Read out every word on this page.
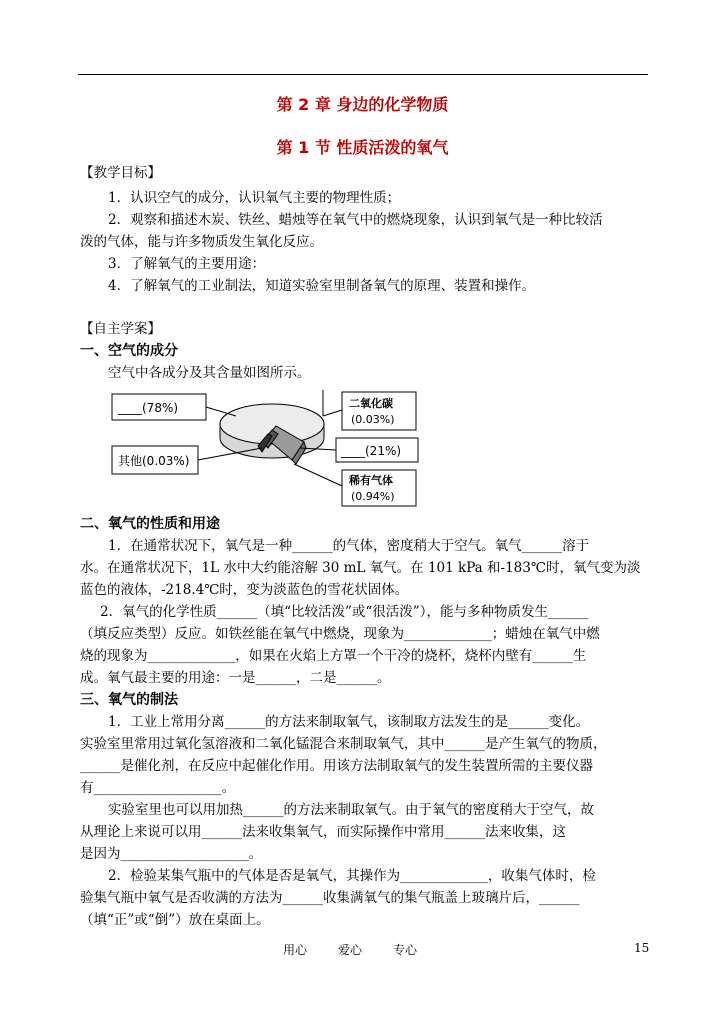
第 2 章 身边的化学物质
第 1 节 性质活泼的氧气
【教学目标】
1．认识空气的成分，认识氧气主要的物理性质；
2．观察和描述木炭、铁丝、蜡烛等在氧气中的燃烧现象，认识到氧气是一种比较活
泼的气体，能与许多物质发生氧化反应。
3．了解氧气的主要用途：
4．了解氧气的工业制法，知道实验室里制备氧气的原理、装置和操作。
【自主学案】
一、空气的成分
空气中各成分及其含量如图所示。
____(78%)	二氧化碳
(0.03%)
____(21%)
其他(0.03%)
稀有气体
(0.94%)
二、氧气的性质和用途
1．在通常状况下，氧气是一种______的气体，密度稍大于空气。氧气______溶于
水。在通常状况下，1L 水中大约能溶解 30 mL 氧气。在 101 kPa 和-183℃时，氧气变为淡
蓝色的液体，-218.4℃时，变为淡蓝色的雪花状固体。
2．氧气的化学性质______（填“比较活泼”或“很活泼”），能与多种物质发生______
（填反应类型）反应。如铁丝能在氧气中燃烧，现象为_____________；蜡烛在氧气中燃
烧的现象为_____________，如果在火焰上方罩一个干冷的烧杯，烧杯内壁有______生
成。氧气最主要的用途：一是______，二是______。
三、氧气的制法
1．工业上常用分离______的方法来制取氧气，该制取方法发生的是______变化。
实验室里常用过氧化氢溶液和二氧化锰混合来制取氧气，其中______是产生氧气的物质，
______是催化剂，在反应中起催化作用。用该方法制取氧气的发生装置所需的主要仪器
有___________________。
实验室里也可以用加热______的方法来制取氧气。由于氧气的密度稍大于空气，故
从理论上来说可以用______法来收集氧气，而实际操作中常用______法来收集，这
是因为___________________。
2．检验某集气瓶中的气体是否是氧气，其操作为_____________，收集气体时，检
验集气瓶中氧气是否收满的方法为______收集满氧气的集气瓶盖上玻璃片后，______
（填“正”或“倒”）放在桌面上。
用心	爱心	专心	15
